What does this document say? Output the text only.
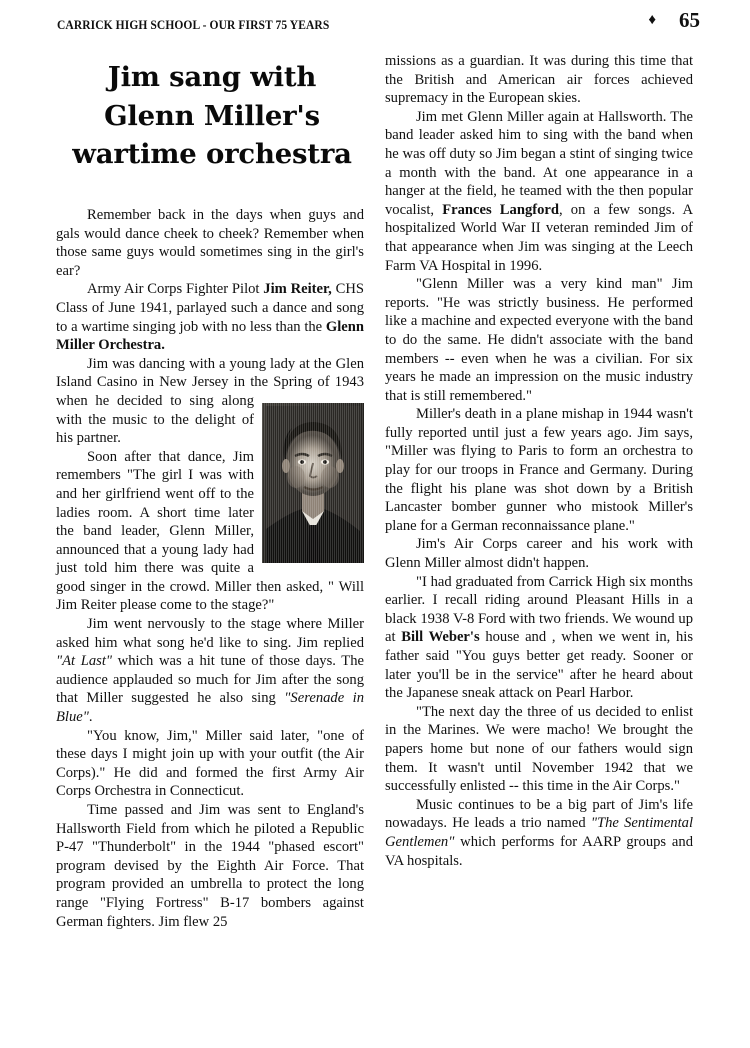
CARRICK HIGH SCHOOL - OUR FIRST 75 YEARS	♦ 65
Jim sang with
Glenn Miller's
wartime orchestra

Remember back in the days when guys and gals would dance cheek to cheek? Remember when those same guys would sometimes sing in the girl's ear?

Army Air Corps Fighter Pilot Jim Reiter, CHS Class of June 1941, parlayed such a dance and song to a wartime singing job with no less than the Glenn Miller Orchestra.

Jim was dancing with a young lady at the Glen Island Casino in New Jersey in the Spring of 1943 when he decided to sing along with the music to the delight of his partner.

Soon after that dance, Jim remembers "The girl I was with and her girlfriend went off to the ladies room. A short time later the band leader, Glenn Miller, announced that a young lady had just told him there was quite a good singer in the crowd. Miller then asked, " Will Jim Reiter please come to the stage?"

Jim went nervously to the stage where Miller asked him what song he'd like to sing. Jim replied "At Last" which was a hit tune of those days. The audience applauded so much for Jim after the song that Miller suggested he also sing "Serenade in Blue".

"You know, Jim," Miller said later, "one of these days I might join up with your outfit (the Air Corps)." He did and formed the first Army Air Corps Orchestra in Connecticut.

Time passed and Jim was sent to England's Hallsworth Field from which he piloted a Republic P-47 "Thunderbolt" in the 1944 "phased escort" program devised by the Eighth Air Force. That program provided an umbrella to protect the long range "Flying Fortress" B-17 bombers against German fighters. Jim flew 25

missions as a guardian. It was during this time that the British and American air forces achieved supremacy in the European skies.

Jim met Glenn Miller again at Hallsworth. The band leader asked him to sing with the band when he was off duty so Jim began a stint of singing twice a month with the band. At one appearance in a hanger at the field, he teamed with the then popular vocalist, Frances Langford, on a few songs. A hospitalized World War II veteran reminded Jim of that appearance when Jim was singing at the Leech Farm VA Hospital in 1996.

"Glenn Miller was a very kind man" Jim reports. "He was strictly business. He performed like a machine and expected everyone with the band to do the same. He didn't associate with the band members -- even when he was a civilian. For six years he made an impression on the music industry that is still remembered."

Miller's death in a plane mishap in 1944 wasn't fully reported until just a few years ago. Jim says, "Miller was flying to Paris to form an orchestra to play for our troops in France and Germany. During the flight his plane was shot down by a British Lancaster bomber gunner who mistook Miller's plane for a German reconnaissance plane."

Jim's Air Corps career and his work with Glenn Miller almost didn't happen.

"I had graduated from Carrick High six months earlier. I recall riding around Pleasant Hills in a black 1938 V-8 Ford with two friends. We wound up at Bill Weber's house and , when we went in, his father said "You guys better get ready. Sooner or later you'll be in the service" after he heard about the Japanese sneak attack on Pearl Harbor.

"The next day the three of us decided to enlist in the Marines. We were macho! We brought the papers home but none of our fathers would sign them. It wasn't until November 1942 that we successfully enlisted -- this time in the Air Corps."

Music continues to be a big part of Jim's life nowadays. He leads a trio named "The Sentimental Gentlemen" which performs for AARP groups and VA hospitals.
